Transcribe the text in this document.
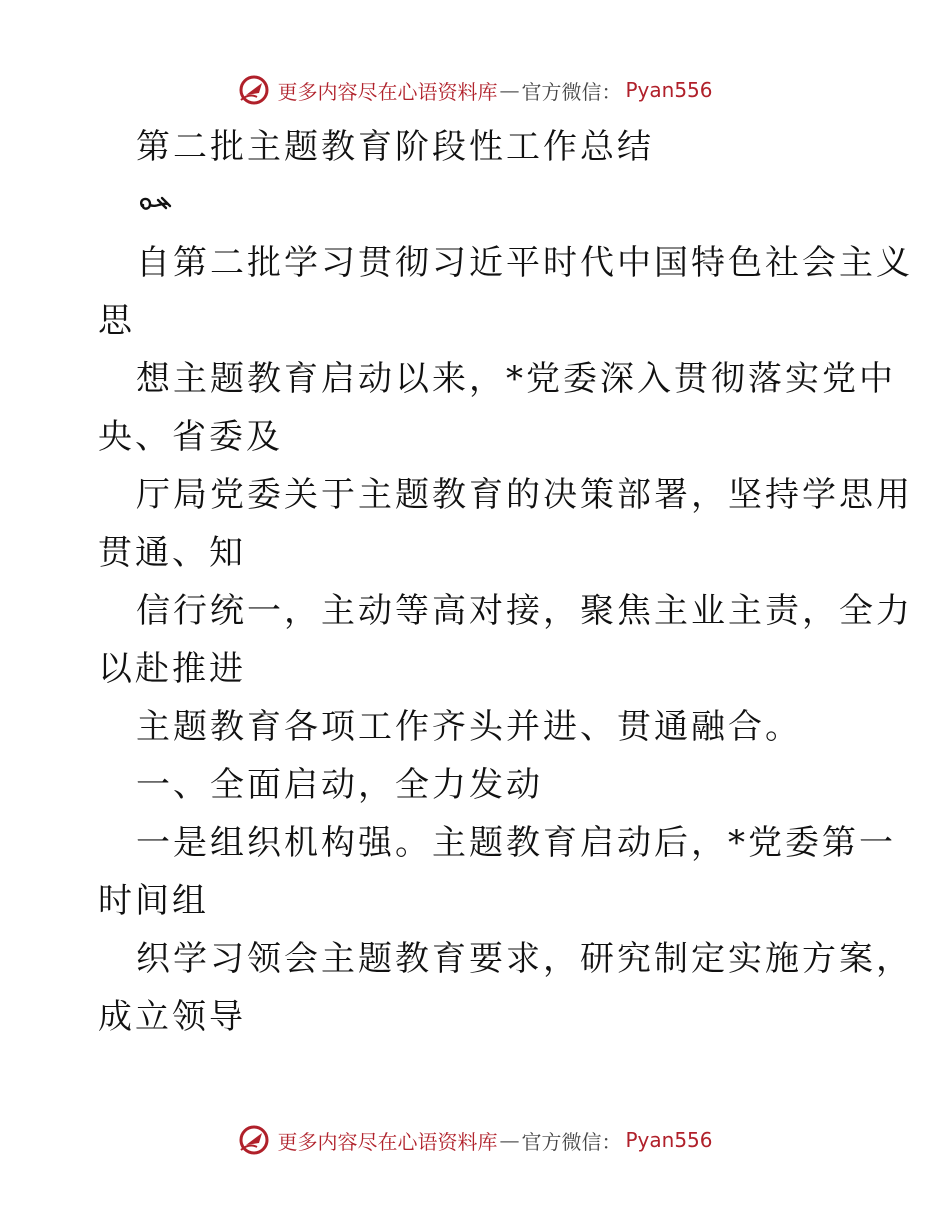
更多内容尽在心语资料库 — 官方微信： Pyan556

第二批主题教育阶段性工作总结

自第二批学习贯彻习近平时代中国特色社会主义

思

想主题教育启动以来，*党委深入贯彻落实党中

央、省委及

厅局党委关于主题教育的决策部署，坚持学思用

贯通、知

信行统一，主动等高对接，聚焦主业主责，全力

以赴推进

主题教育各项工作齐头并进、贯通融合。

一、全面启动，全力发动

一是组织机构强。主题教育启动后，*党委第一

时间组

织学习领会主题教育要求，研究制定实施方案，

成立领导

更多内容尽在心语资料库 — 官方微信： Pyan556
